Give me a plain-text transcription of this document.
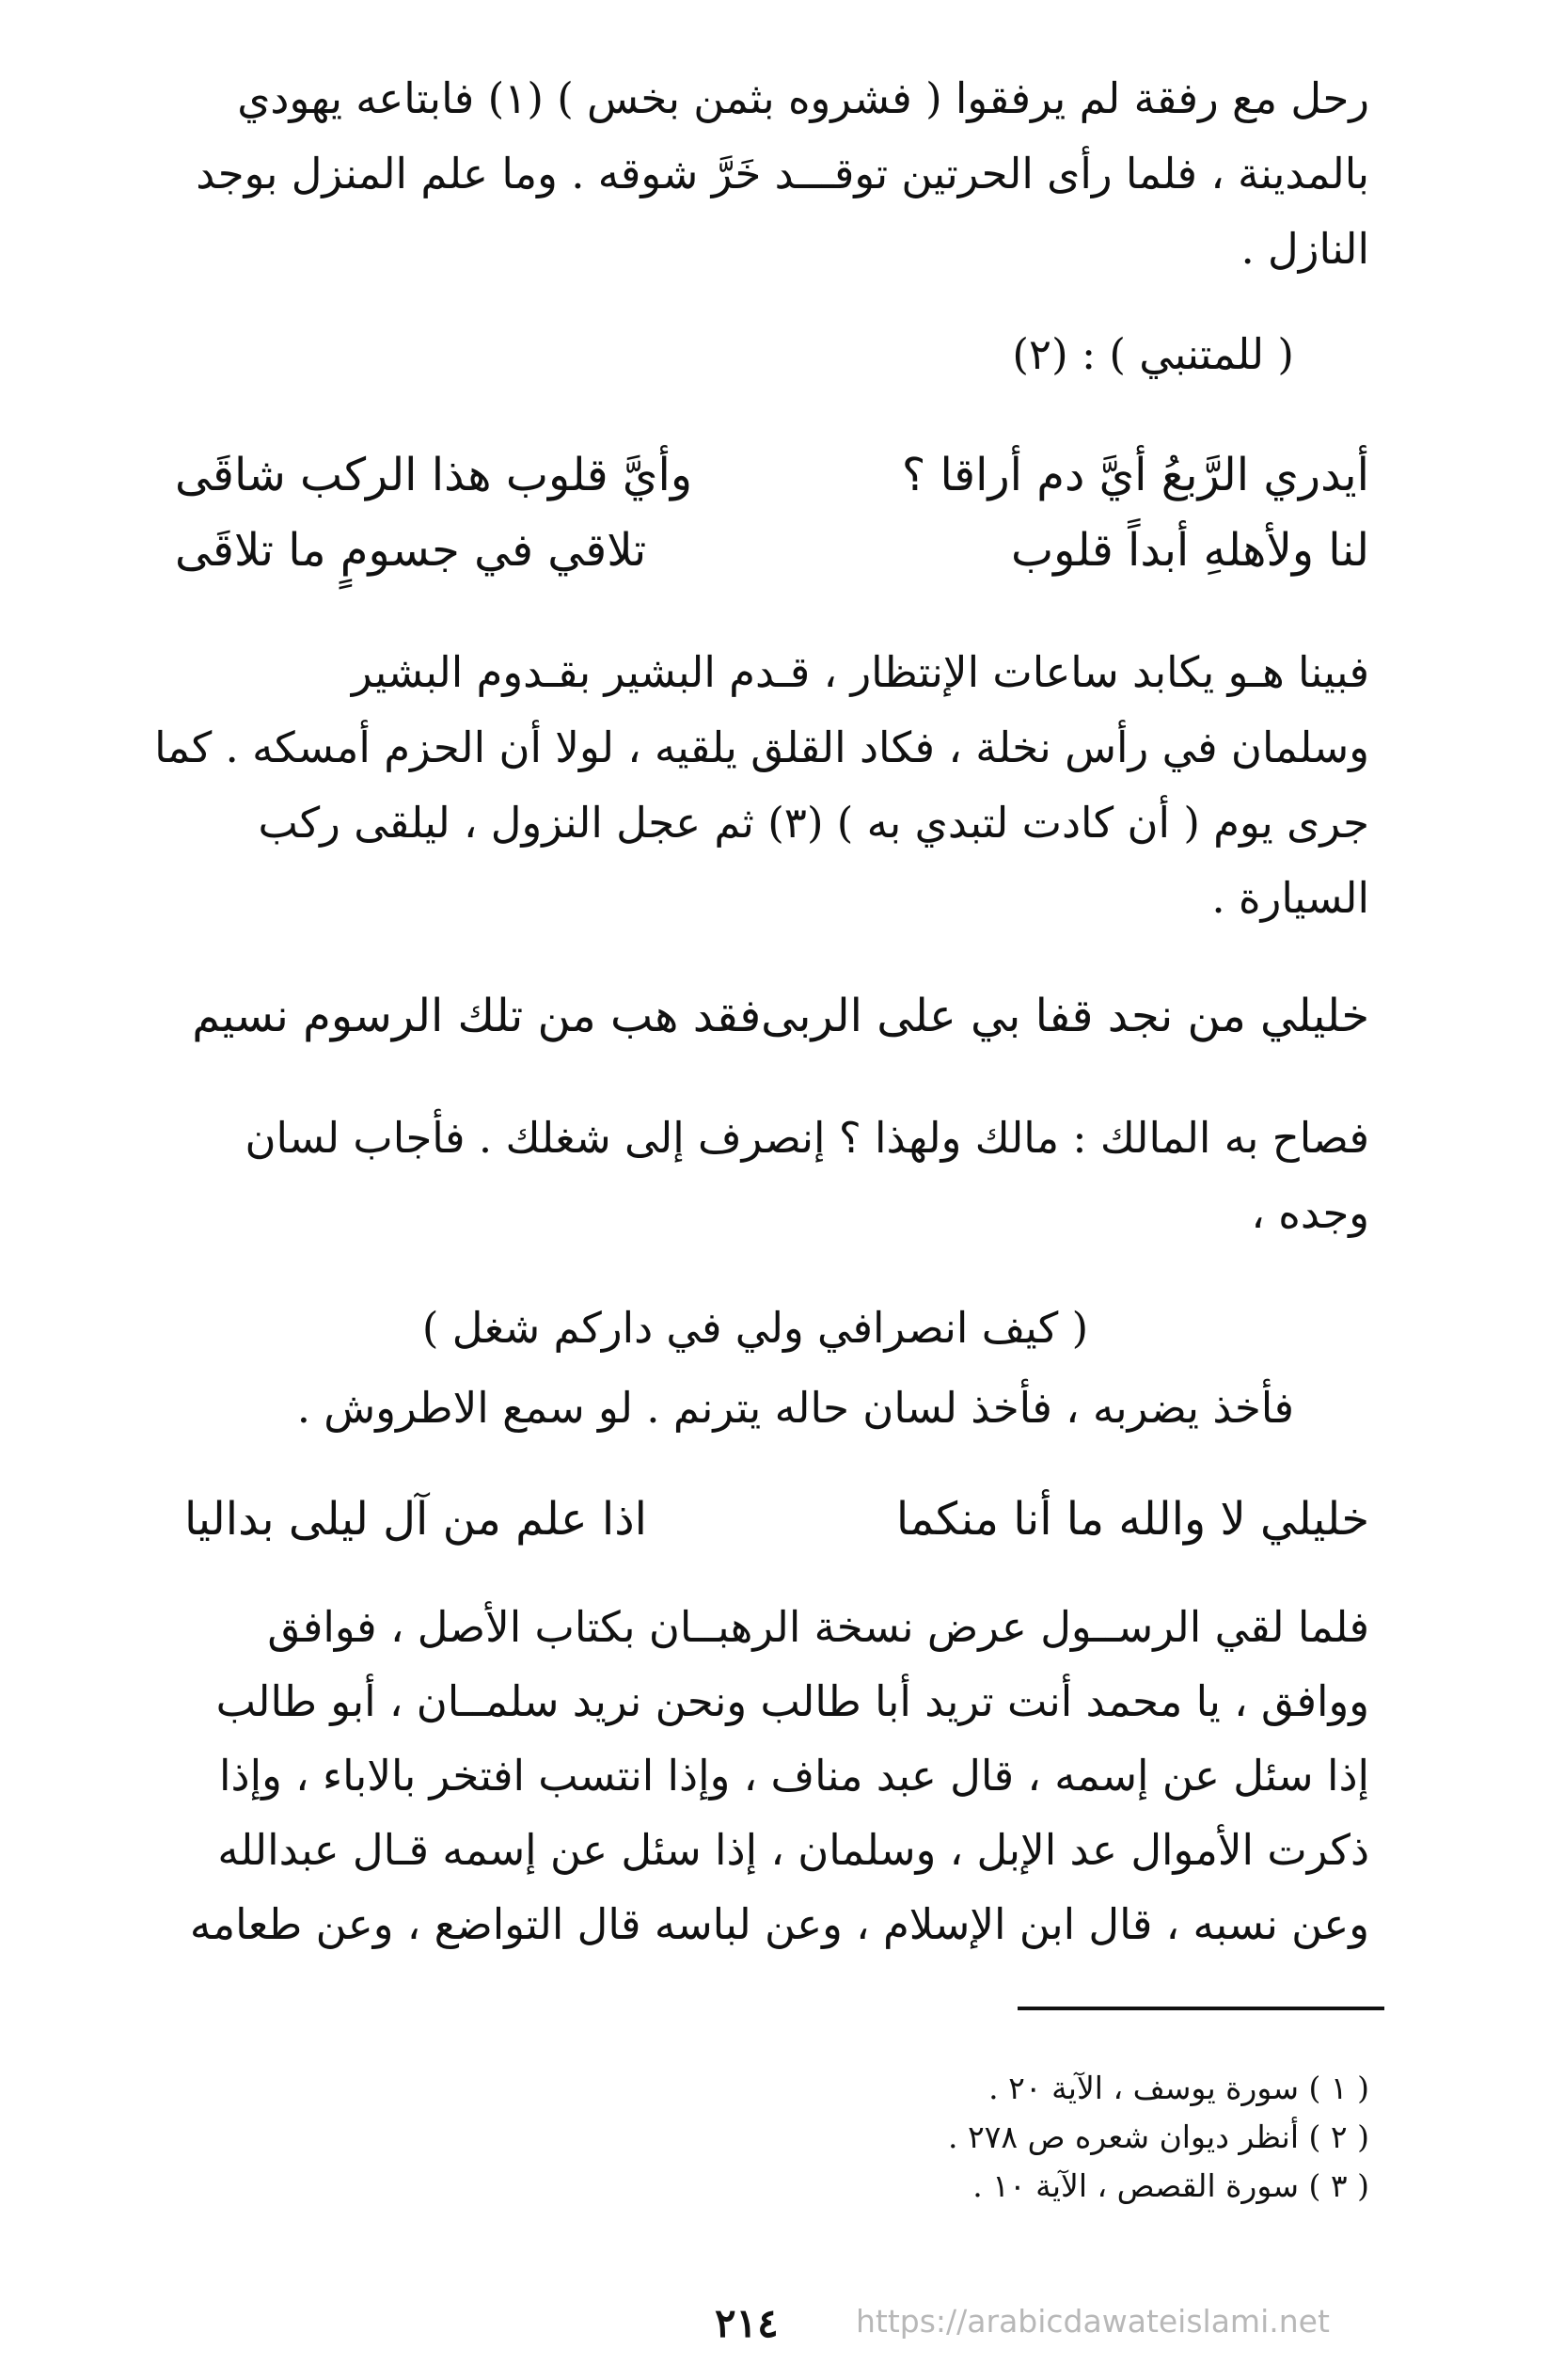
رحل مع رفقة لم يرفقوا ( فشروه بثمن بخس ) (١) فابتاعه يهودي
بالمدينة ، فلما رأى الحرتين توقـــد خَرَّ شوقه . وما علم المنزل بوجد
النازل .
( للمتنبي ) : (٢)
أيدري الرَّبعُ أيَّ دم أراقا ؟
وأيَّ قلوب هذا الركب شاقَى
لنا ولأهلهِ أبداً قلوب
تلاقي في جسومٍ ما تلاقَى
فبينا هـو يكابد ساعات الإنتظار ، قـدم البشير بقـدوم البشير
وسلمان في رأس نخلة ، فكاد القلق يلقيه ، لولا أن الحزم أمسكه . كما
جرى يوم ( أن كادت لتبدي به ) (٣) ثم عجل النزول ، ليلقى ركب
السيارة .
خليلي من نجد قفا بي على الربى
فقد هب من تلك الرسوم نسيم
فصاح به المالك : مالك ولهذا ؟ إنصرف إلى شغلك . فأجاب لسان
وجده ،
( كيف انصرافي ولي في داركم شغل )
فأخذ يضربه ، فأخذ لسان حاله يترنم . لو سمع الاطروش .
خليلي لا والله ما أنا منكما
اذا علم من آل ليلى بداليا
فلما لقي الرســول عرض نسخة الرهبــان بكتاب الأصل ، فوافق
ووافق ، يا محمد أنت تريد أبا طالب ونحن نريد سلمــان ، أبو طالب
إذا سئل عن إسمه ، قال عبد مناف ، وإذا انتسب افتخر بالاباء ، وإذا
ذكرت الأموال عد الإبل ، وسلمان ، إذا سئل عن إسمه قـال عبدالله
وعن نسبه ، قال ابن الإسلام ، وعن لباسه قال التواضع ، وعن طعامه
( ١ ) سورة يوسف ، الآية ٢٠ .
( ٢ ) أنظر ديوان شعره ص ٢٧٨ .
( ٣ ) سورة القصص ، الآية ١٠ .
٢١٤ https://arabicdawateislami.net
